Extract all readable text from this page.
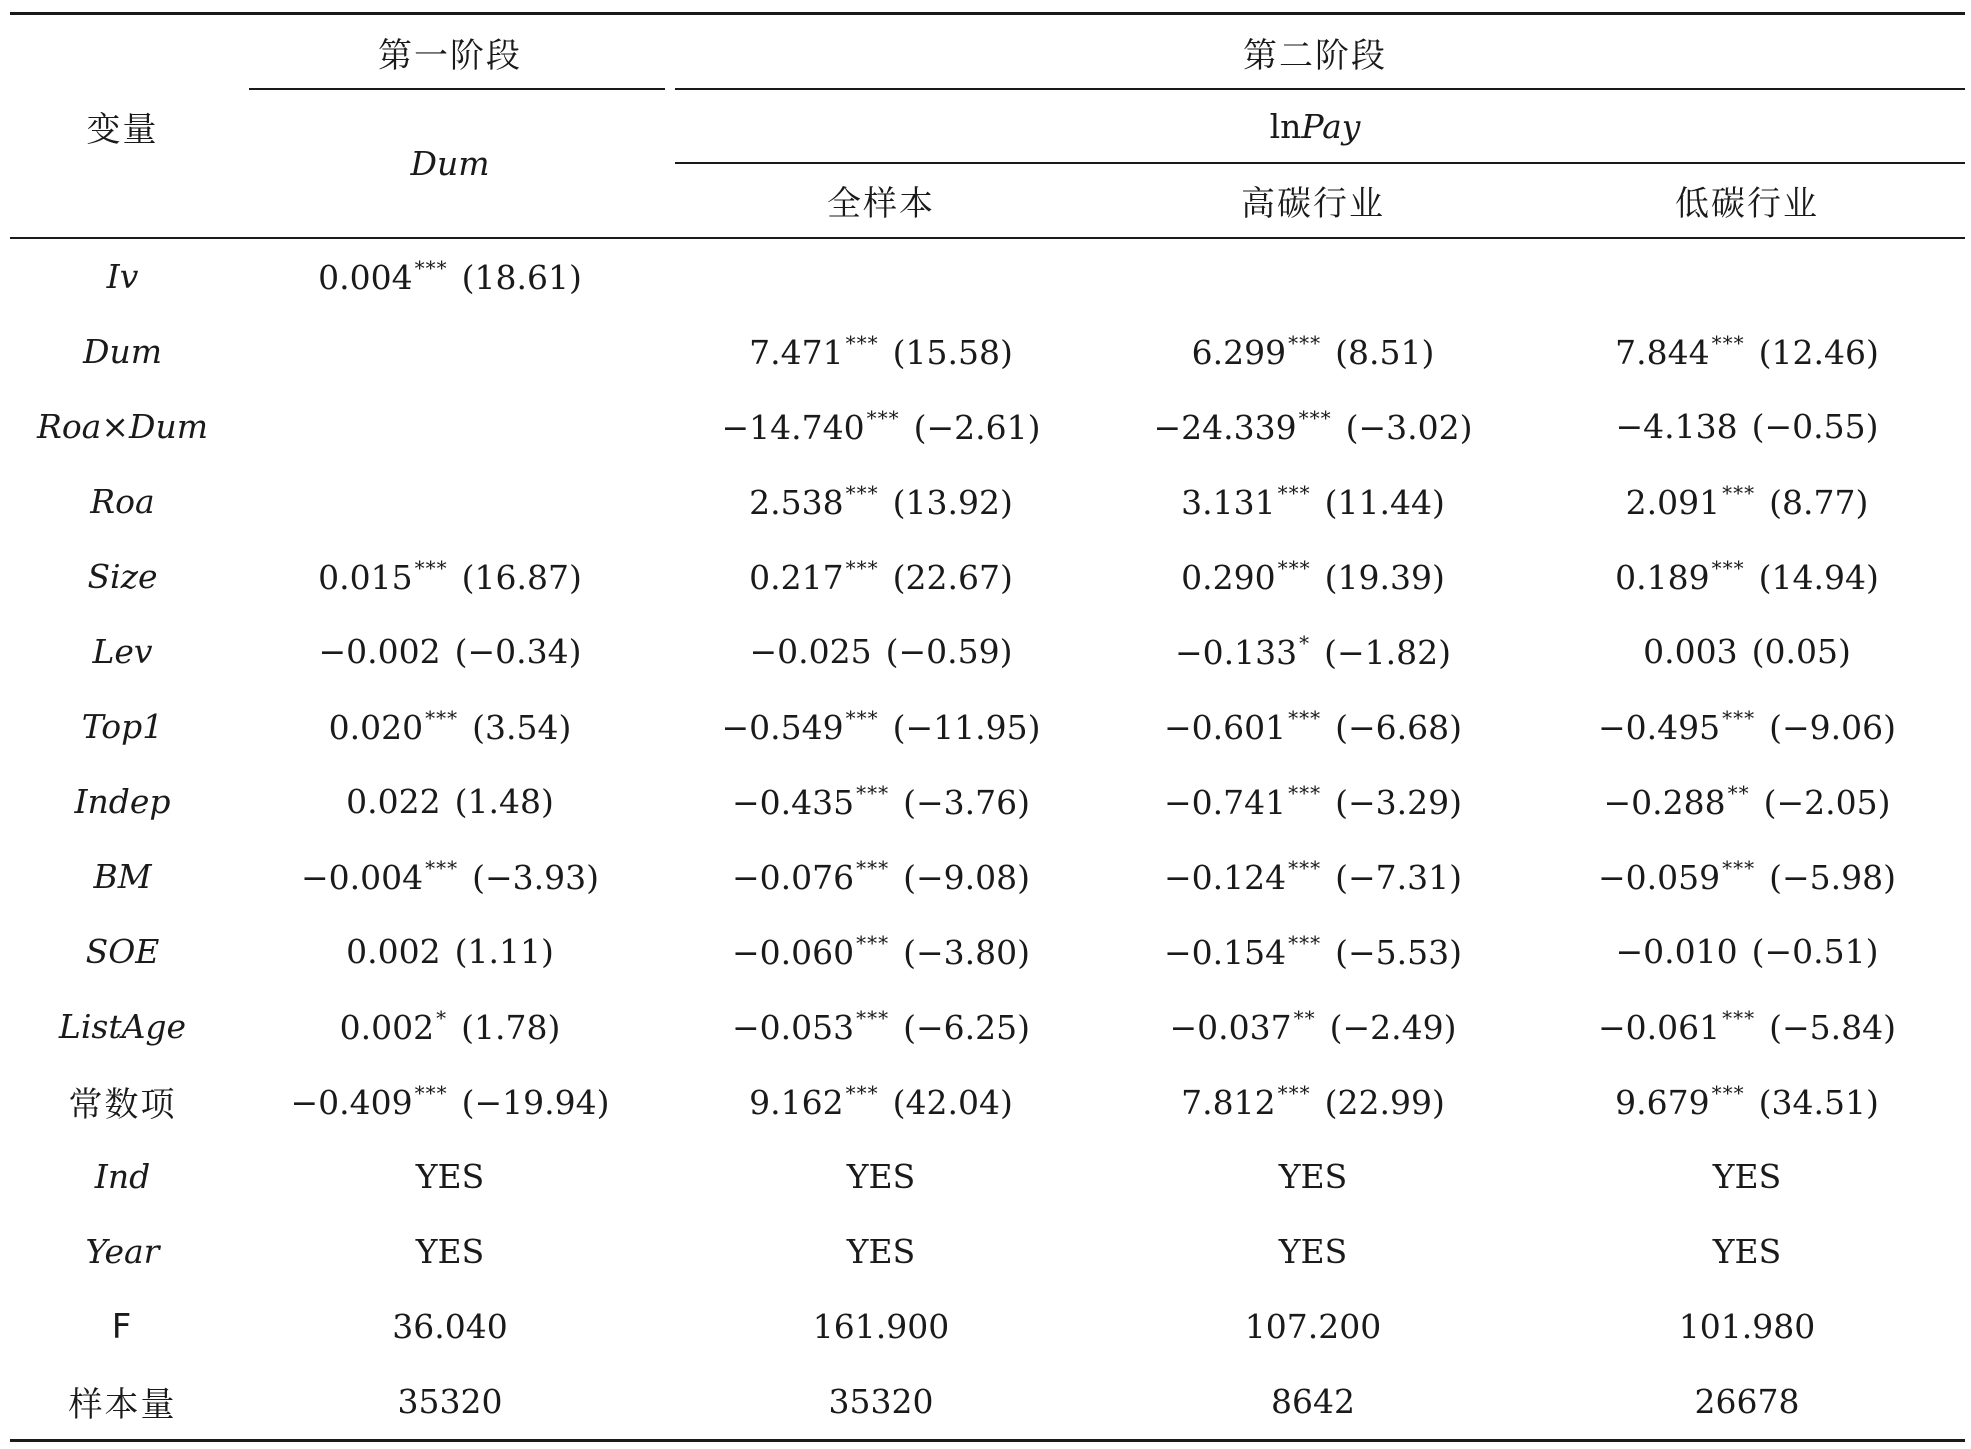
变量	第一阶段	第二阶段		
	Dum	lnPay		
		全样本	高碳行业	低碳行业
Iv	0.004 *** (18.61)			
Dum		7.471 *** (15.58)	6.299 *** (8.51)	7.844 *** (12.46)
Roa×Dum		−14.740 *** (−2.61)	−24.339 *** (−3.02)	−4.138 (−0.55)
Roa		2.538 *** (13.92)	3.131 *** (11.44)	2.091 *** (8.77)
Size	0.015 *** (16.87)	0.217 *** (22.67)	0.290 *** (19.39)	0.189 *** (14.94)
Lev	−0.002 (−0.34)	−0.025 (−0.59)	−0.133 * (−1.82)	0.003 (0.05)
Top1	0.020 *** (3.54)	−0.549 *** (−11.95)	−0.601 *** (−6.68)	−0.495 *** (−9.06)
Indep	0.022 (1.48)	−0.435 *** (−3.76)	−0.741 *** (−3.29)	−0.288 ** (−2.05)
BM	−0.004 *** (−3.93)	−0.076 *** (−9.08)	−0.124 *** (−7.31)	−0.059 *** (−5.98)
SOE	0.002 (1.11)	−0.060 *** (−3.80)	−0.154 *** (−5.53)	−0.010 (−0.51)
ListAge	0.002 * (1.78)	−0.053 *** (−6.25)	−0.037 ** (−2.49)	−0.061 *** (−5.84)
常数项	−0.409 *** (−19.94)	9.162 *** (42.04)	7.812 *** (22.99)	9.679 *** (34.51)
Ind	YES	YES	YES	YES
Year	YES	YES	YES	YES
F	36.040	161.900	107.200	101.980
样本量	35320	35320	8642	26678
